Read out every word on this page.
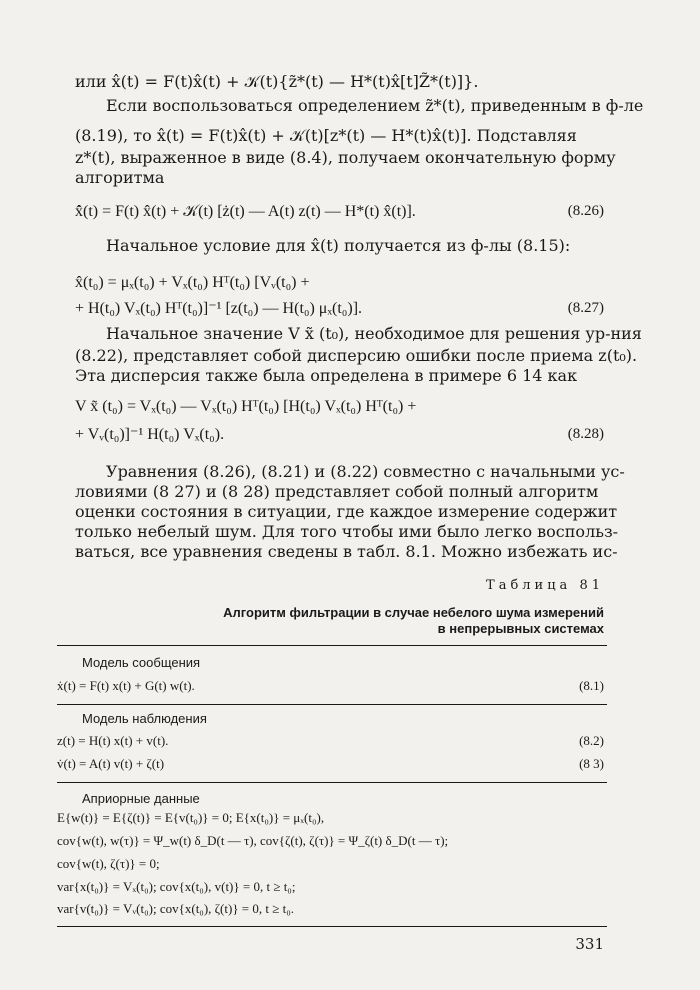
или x̂(t) = F(t)x̂(t) + 𝒦(t){z̃*(t) — H*(t)x̂[t]Z̃*(t)]}.
Если воспользоваться определением z̃*(t), приведенным в ф-ле
(8.19), то x̂(t) = F(t)x̂(t) + 𝒦(t)[z*(t) — H*(t)x̂(t)]. Подставляя
z*(t), выраженное в виде (8.4), получаем окончательную форму
алгоритма
x̂̇(t) = F(t) x̂(t) + 𝒦(t) [ż(t) — A(t) z(t) — H*(t) x̂(t)].	(8.26)
Начальное условие для x̂(t) получается из ф-лы (8.15):
x̂(t₀) = μₓ(t₀) + Vₓ(t₀) Hᵀ(t₀) [Vᵥ(t₀) +
+ H(t₀) Vₓ(t₀) Hᵀ(t₀)]⁻¹ [z(t₀) — H(t₀) μₓ(t₀)].	(8.27)
Начальное значение V x̃ (t₀), необходимое для решения ур-ния
(8.22), представляет собой дисперсию ошибки после приема z(t₀).
Эта дисперсия также была определена в примере 6 14 как
V x̃ (t₀) = Vₓ(t₀) — Vₓ(t₀) Hᵀ(t₀) [H(t₀) Vₓ(t₀) Hᵀ(t₀) +
+ Vᵥ(t₀)]⁻¹ H(t₀) Vₓ(t₀).	(8.28)
Уравнения (8.26), (8.21) и (8.22) совместно с начальными ус-
ловиями (8 27) и (8 28) представляет собой полный алгоритм
оценки состояния в ситуации, где каждое измерение содержит
только небелый шум. Для того чтобы ими было легко воспольз-
ваться, все уравнения сведены в табл. 8.1. Можно избежать ис-
Таблица 81
Алгоритм фильтрации в случае небелого шума измерений
в непрерывных системах
Модель сообщения
ẋ(t) = F(t) x(t) + G(t) w(t).	(8.1)
Модель наблюдения
z(t) = H(t) x(t) + v(t).	(8.2)
v̇(t) = A(t) v(t) + ζ(t)	(8 3)
Априорные данные
E{w(t)} = E{ζ(t)} = E{v(t₀)} = 0; E{x(t₀)} = μₓ(t₀),
cov{w(t), w(τ)} = Ψ_w(t) δ_D(t — τ), cov{ζ(t), ζ(τ)} = Ψ_ζ(t) δ_D(t — τ);
cov{w(t), ζ(τ)} = 0;
var{x(t₀)} = Vₓ(t₀); cov{x(t₀), v(t)} = 0, t ≥ t₀;
var{v(t₀)} = Vᵥ(t₀); cov{x(t₀), ζ(t)} = 0, t ≥ t₀.
331
